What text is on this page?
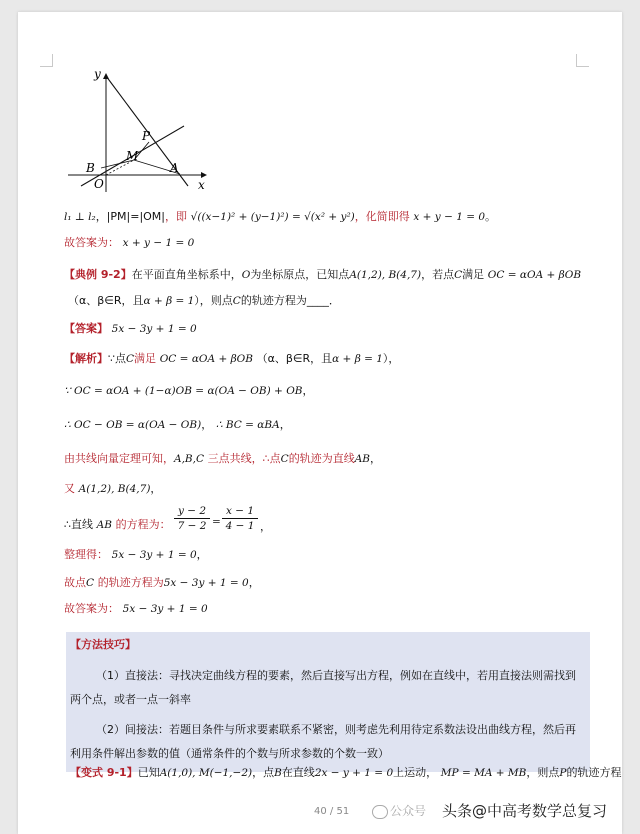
x
y
P
M
B	A
O
l₁ ⊥ l₂，|PM|=|OM|，即 √((x−1)² + (y−1)²) = √(x² + y²)，化简即得 x + y − 1 = 0。
故答案为： x + y − 1 = 0
【典例 9-2】在平面直角坐标系中，O为坐标原点，已知点A(1,2), B(4,7)，若点C满足 OC = αOA + βOB
（α、β∈R，且α + β = 1），则点C的轨迹方程为____．
【答案】 5x − 3y + 1 = 0
【解析】∵点C满足 OC = αOA + βOB （α、β∈R，且α + β = 1），
∵ OC = αOA + (1−α)OB = α(OA − OB) + OB，
∴ OC − OB = α(OA − OB)， ∴ BC = αBA，
由共线向量定理可知，A,B,C 三点共线，∴点C的轨迹为直线AB，
又 A(1,2), B(4,7)，
∴直线 AB 的方程为：
y − 2
7 − 2 =
x − 1
4 − 1 ，
整理得： 5x − 3y + 1 = 0，
故点C 的轨迹方程为5x − 3y + 1 = 0，
故答案为： 5x − 3y + 1 = 0
【方法技巧】
（1）直接法：寻找决定曲线方程的要素，然后直接写出方程，例如在直线中，若用直接法则需找到
两个点，或者一点一斜率
（2）间接法：若题目条件与所求要素联系不紧密，则考虑先利用待定系数法设出曲线方程，然后再
利用条件解出参数的值（通常条件的个数与所求参数的个数一致）
【变式 9-1】已知A(1,0), M(−1,−2)，点B在直线2x − y + 1 = 0上运动， MP = MA + MB，则点P的轨迹方程
40 / 51	公众号 头条@中高考数学总复习
